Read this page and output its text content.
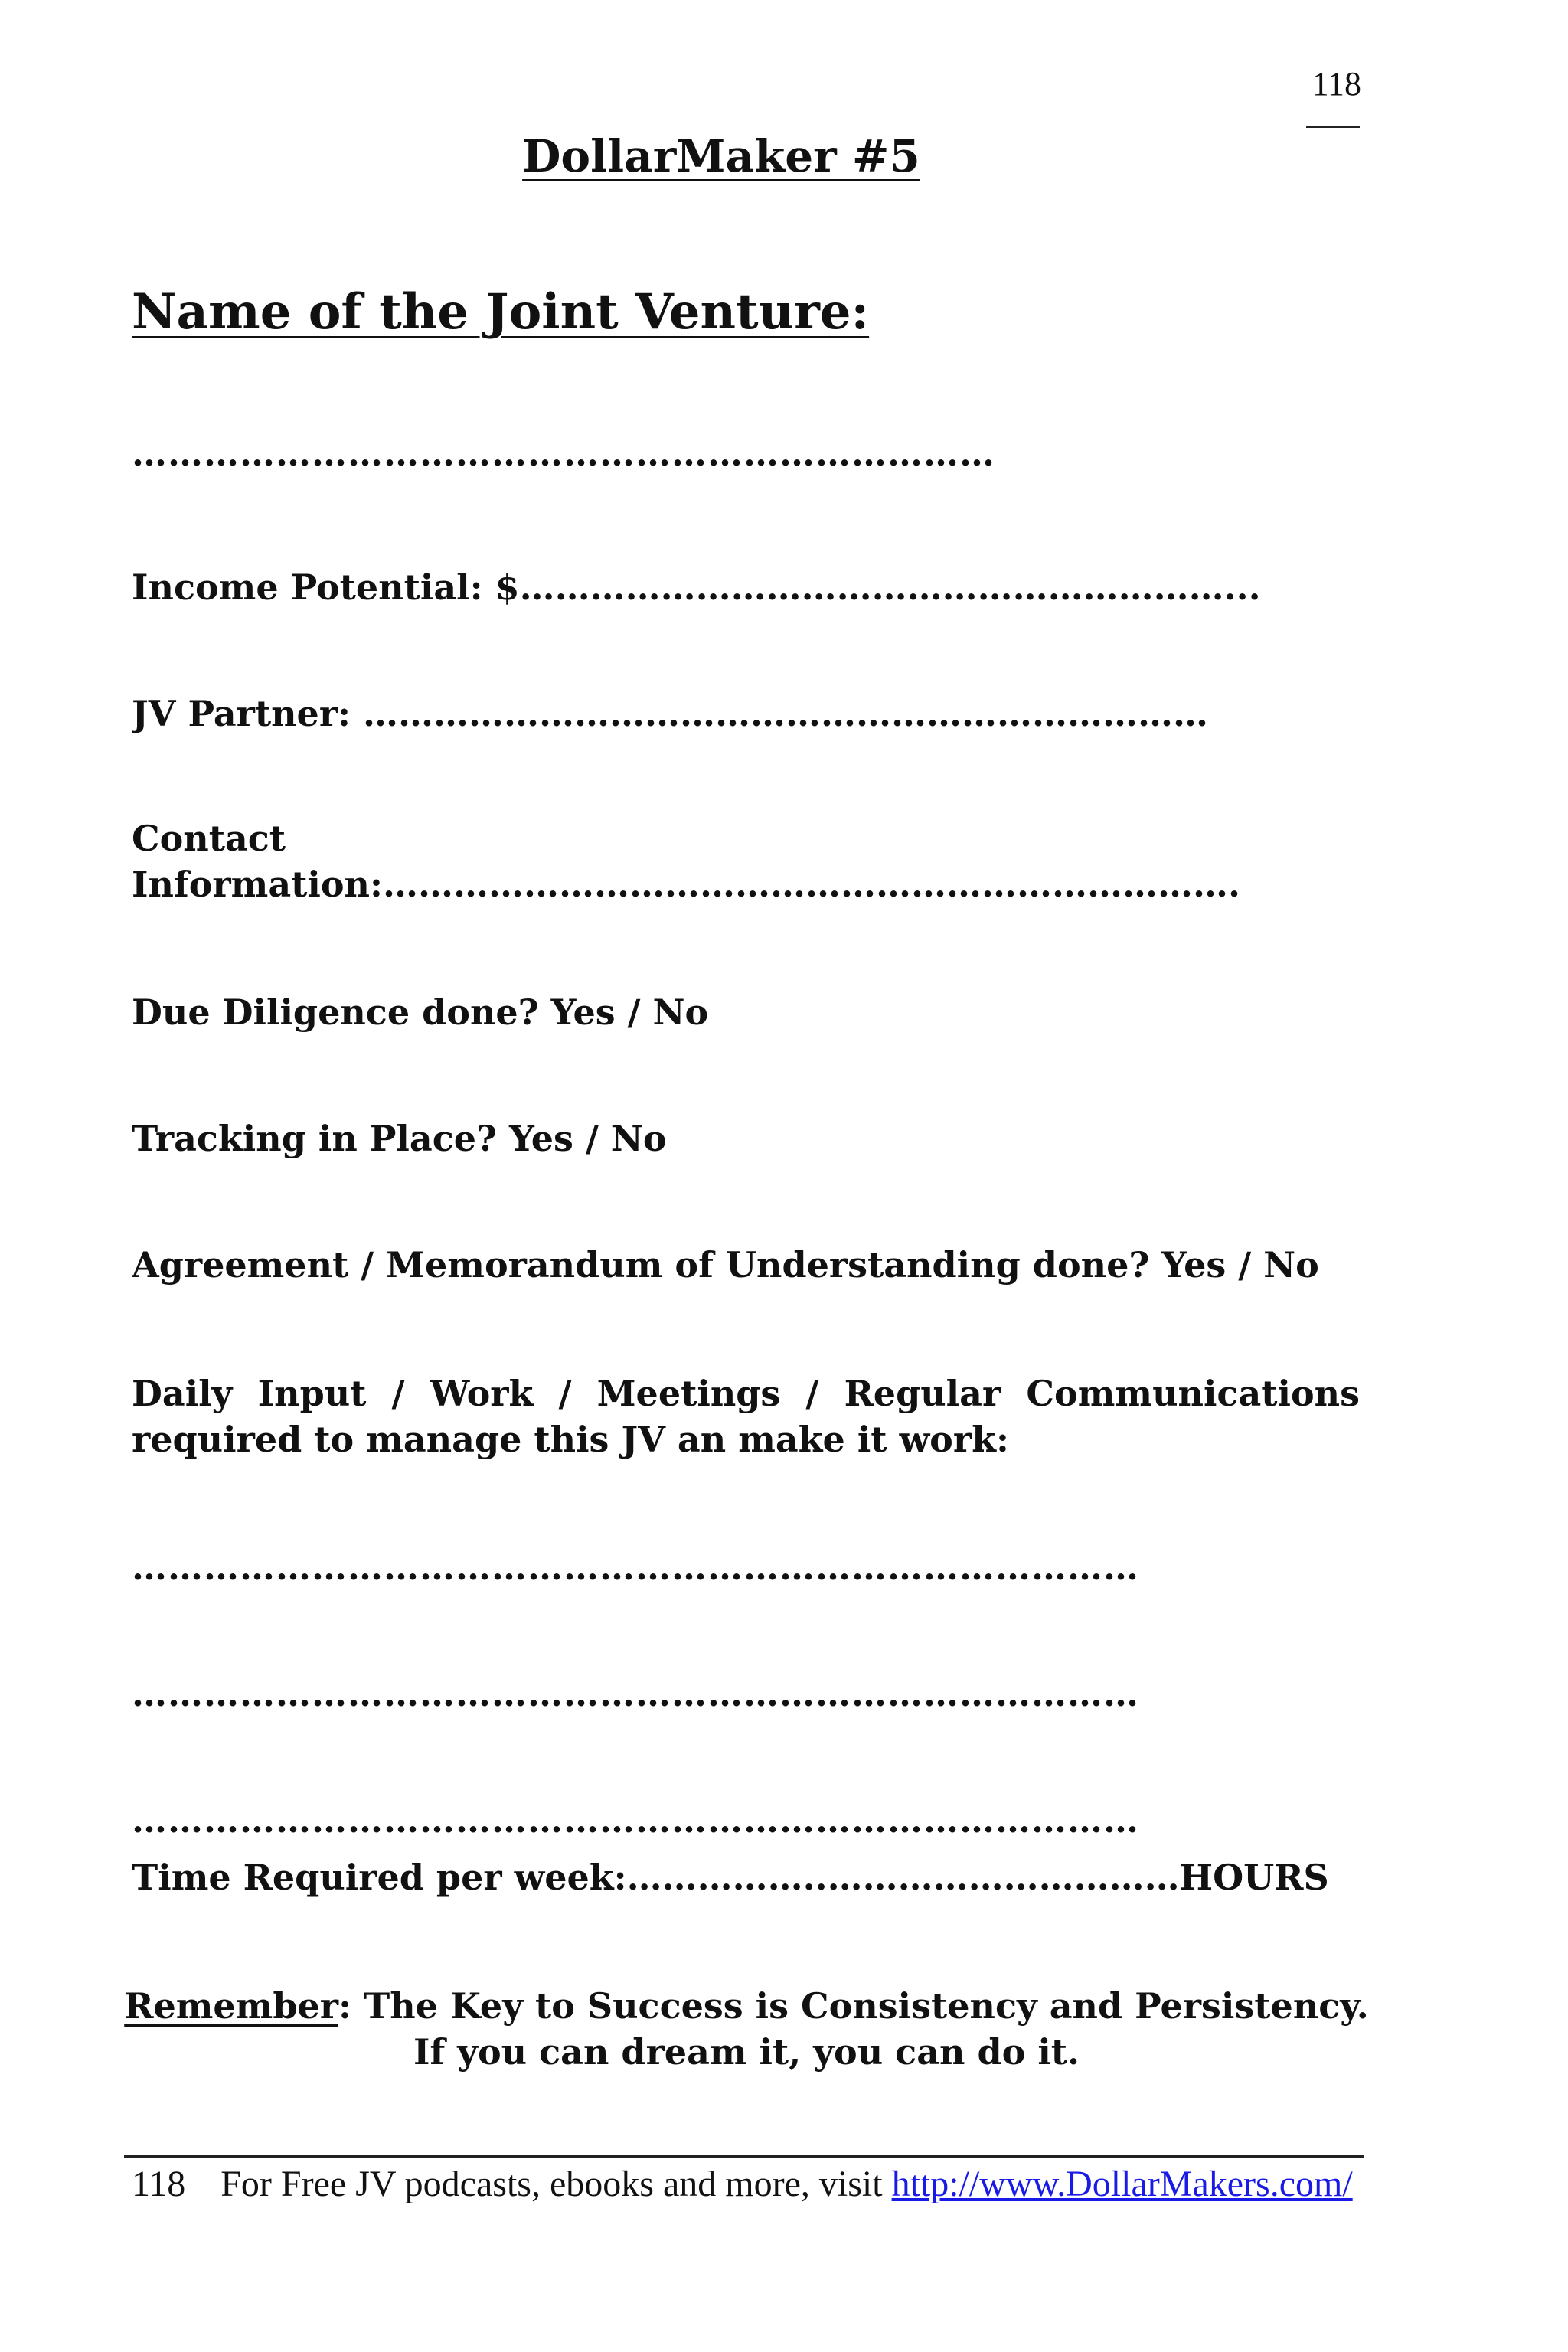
118
DollarMaker #5
Name of the Joint Venture:
………………………………………………………………
Income Potential: $……………………………………………………...
JV Partner: ………………………………………………………………
Contact
Information:……………………………………………………………….
Due Diligence done? Yes / No
Tracking in Place? Yes / No
Agreement / Memorandum of Understanding done? Yes / No
Daily Input / Work / Meetings / Regular Communications required to manage this JV an make it work:
…………………………………………………………………………
…………………………………………………………………………
…………………………………………………………………………
Time Required per week:……………..…………………………HOURS
Remember: The Key to Success is Consistency and Persistency.
If you can dream it, you can do it.
118 For Free JV podcasts, ebooks and more, visit http://www.DollarMakers.com/
